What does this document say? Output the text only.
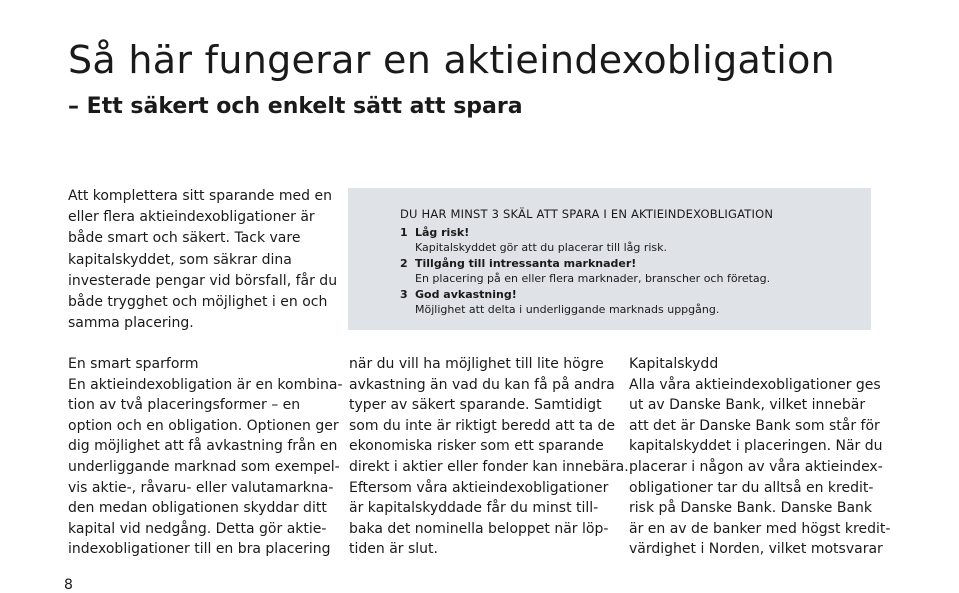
Så här fungerar en aktieindexobligation
– Ett säkert och enkelt sätt att spara

Att komplettera sitt sparande med en
eller flera aktieindexobligationer är
både smart och säkert. Tack vare
kapitalskyddet, som säkrar dina
investerade pengar vid börsfall, får du
både trygghet och möjlighet i en och
samma placering.

DU HAR MINST 3 SKÄL ATT SPARA I EN AKTIEINDEXOBLIGATION
1 Låg risk!
Kapitalskyddet gör att du placerar till låg risk.
2 Tillgång till intressanta marknader!
En placering på en eller flera marknader, branscher och företag.
3 God avkastning!
Möjlighet att delta i underliggande marknads uppgång.
En smart sparform
En aktieindexobligation är en kombina-
tion av två placeringsformer – en
option och en obligation. Optionen ger
dig möjlighet att få avkastning från en
underliggande marknad som exempel-
vis aktie-, råvaru- eller valutamarkna-
den medan obligationen skyddar ditt
kapital vid nedgång. Detta gör aktie-
indexobligationer till en bra placering
när du vill ha möjlighet till lite högre
avkastning än vad du kan få på andra
typer av säkert sparande. Samtidigt
som du inte är riktigt beredd att ta de
ekonomiska risker som ett sparande
direkt i aktier eller fonder kan innebära.
Eftersom våra aktieindexobligationer
är kapitalskyddade får du minst till-
baka det nominella beloppet när löp-
tiden är slut.
Kapitalskydd
Alla våra aktieindexobligationer ges
ut av Danske Bank, vilket innebär
att det är Danske Bank som står för
kapitalskyddet i placeringen. När du
placerar i någon av våra aktieindex-
obligationer tar du alltså en kredit-
risk på Danske Bank. Danske Bank
är en av de banker med högst kredit-
värdighet i Norden, vilket motsvarar
8
